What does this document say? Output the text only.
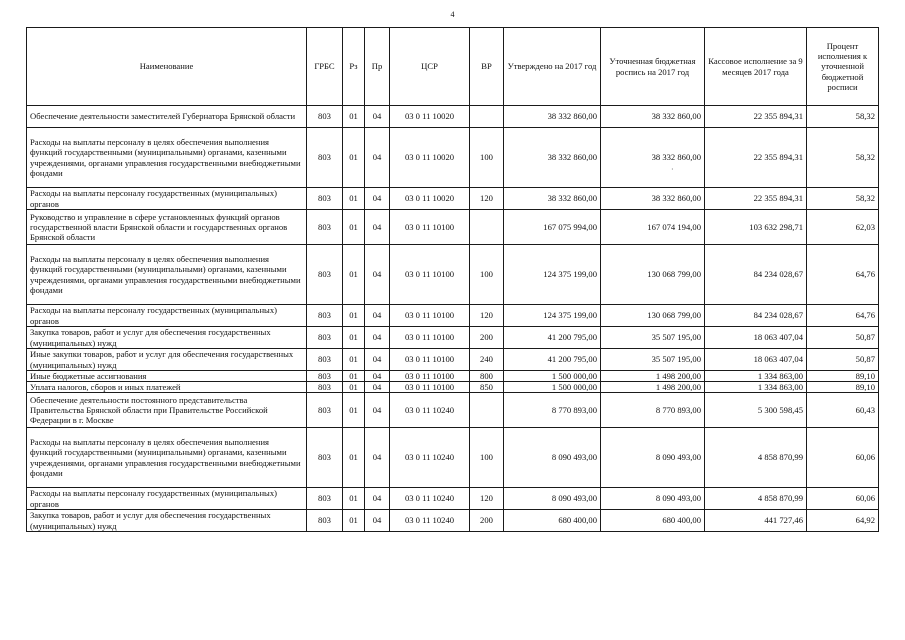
4
Наименование	ГРБС	Рз	Пр	ЦСР	ВР	Утверждено на 2017 год	Уточненная бюджетная роспись на 2017 год	Кассовое исполнение за 9 месяцев 2017 года	Процент исполнения к уточненной бюджетной росписи
Обеспечение деятельности заместителей Губернатора Брянской области	803	01	04	03 0 11 10020		38 332 860,00	38 332 860,00	22 355 894,31	58,32
Расходы на выплаты персоналу в целях обеспечения выполнения функций государственными (муниципальными) органами, казенными учреждениями, органами управления государственными внебюджетными фондами	803	01	04	03 0 11 10020	100	38 332 860,00	38 332 860,00	22 355 894,31	58,32
Расходы на выплаты персоналу государственных (муниципальных) органов	803	01	04	03 0 11 10020	120	38 332 860,00	38 332 860,00	22 355 894,31	58,32
Руководство и управление в сфере установленных функций органов государственной власти Брянской области и государственных органов Брянской области	803	01	04	03 0 11 10100		167 075 994,00	167 074 194,00	103 632 298,71	62,03
Расходы на выплаты персоналу в целях обеспечения выполнения функций государственными (муниципальными) органами, казенными учреждениями, органами управления государственными внебюджетными фондами	803	01	04	03 0 11 10100	100	124 375 199,00	130 068 799,00	84 234 028,67	64,76
Расходы на выплаты персоналу государственных (муниципальных) органов	803	01	04	03 0 11 10100	120	124 375 199,00	130 068 799,00	84 234 028,67	64,76
Закупка товаров, работ и услуг для обеспечения государственных (муниципальных) нужд	803	01	04	03 0 11 10100	200	41 200 795,00	35 507 195,00	18 063 407,04	50,87
Иные закупки товаров, работ и услуг для обеспечения государственных (муниципальных) нужд	803	01	04	03 0 11 10100	240	41 200 795,00	35 507 195,00	18 063 407,04	50,87
Иные бюджетные ассигнования	803	01	04	03 0 11 10100	800	1 500 000,00	1 498 200,00	1 334 863,00	89,10
Уплата налогов, сборов и иных платежей	803	01	04	03 0 11 10100	850	1 500 000,00	1 498 200,00	1 334 863,00	89,10
Обеспечение деятельности постоянного представительства Правительства Брянской области при Правительстве Российской Федерации в г. Москве	803	01	04	03 0 11 10240		8 770 893,00	8 770 893,00	5 300 598,45	60,43
Расходы на выплаты персоналу в целях обеспечения выполнения функций государственными (муниципальными) органами, казенными учреждениями, органами управления государственными внебюджетными фондами	803	01	04	03 0 11 10240	100	8 090 493,00	8 090 493,00	4 858 870,99	60,06
Расходы на выплаты персоналу государственных (муниципальных) органов	803	01	04	03 0 11 10240	120	8 090 493,00	8 090 493,00	4 858 870,99	60,06
Закупка товаров, работ и услуг для обеспечения государственных (муниципальных) нужд	803	01	04	03 0 11 10240	200	680 400,00	680 400,00	441 727,46	64,92
·
